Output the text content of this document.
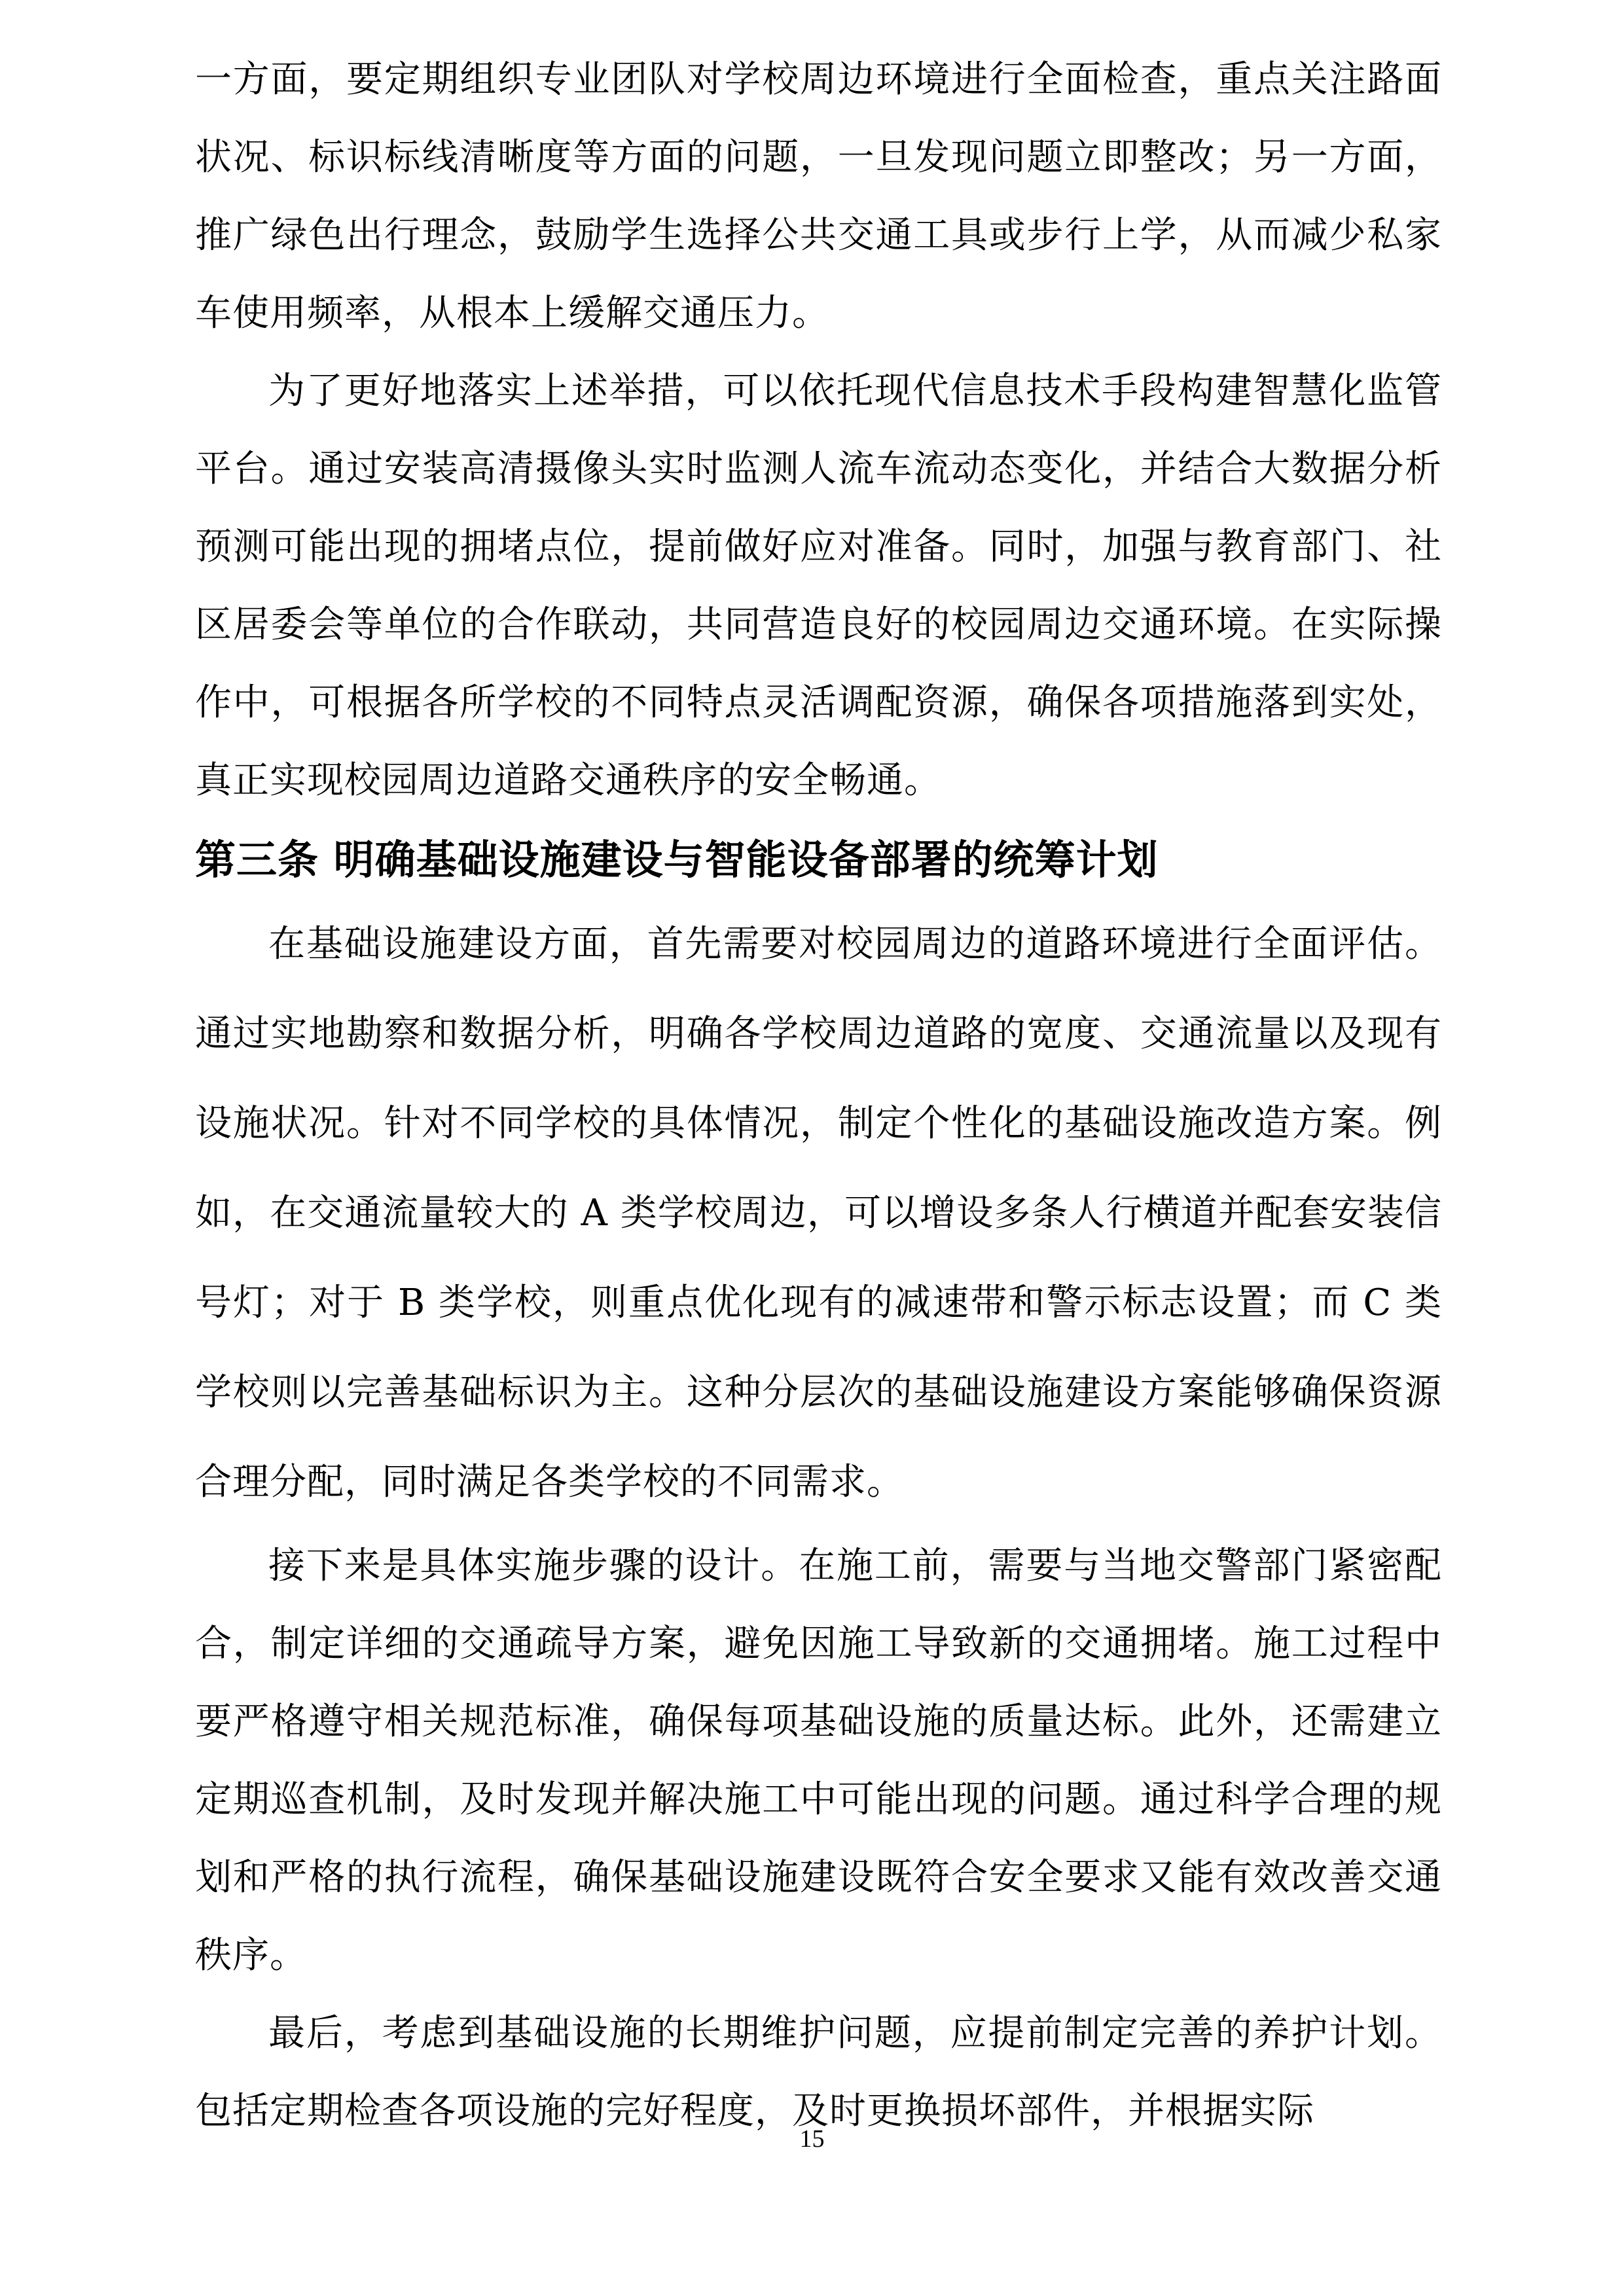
一方面，要定期组织专业团队对学校周边环境进行全面检查，重点关注路面状况、标识标线清晰度等方面的问题，一旦发现问题立即整改；另一方面，推广绿色出行理念，鼓励学生选择公共交通工具或步行上学，从而减少私家车使用频率，从根本上缓解交通压力。

为了更好地落实上述举措，可以依托现代信息技术手段构建智慧化监管平台。通过安装高清摄像头实时监测人流车流动态变化，并结合大数据分析预测可能出现的拥堵点位，提前做好应对准备。同时，加强与教育部门、社区居委会等单位的合作联动，共同营造良好的校园周边交通环境。在实际操作中，可根据各所学校的不同特点灵活调配资源，确保各项措施落到实处，真正实现校园周边道路交通秩序的安全畅通。

第三条 明确基础设施建设与智能设备部署的统筹计划

在基础设施建设方面，首先需要对校园周边的道路环境进行全面评估。通过实地勘察和数据分析，明确各学校周边道路的宽度、交通流量以及现有设施状况。针对不同学校的具体情况，制定个性化的基础设施改造方案。例如，在交通流量较大的 A 类学校周边，可以增设多条人行横道并配套安装信号灯；对于 B 类学校，则重点优化现有的减速带和警示标志设置；而 C 类学校则以完善基础标识为主。这种分层次的基础设施建设方案能够确保资源合理分配，同时满足各类学校的不同需求。

接下来是具体实施步骤的设计。在施工前，需要与当地交警部门紧密配合，制定详细的交通疏导方案，避免因施工导致新的交通拥堵。施工过程中要严格遵守相关规范标准，确保每项基础设施的质量达标。此外，还需建立定期巡查机制，及时发现并解决施工中可能出现的问题。通过科学合理的规划和严格的执行流程，确保基础设施建设既符合安全要求又能有效改善交通秩序。

最后，考虑到基础设施的长期维护问题，应提前制定完善的养护计划。包括定期检查各项设施的完好程度，及时更换损坏部件，并根据实际

15
